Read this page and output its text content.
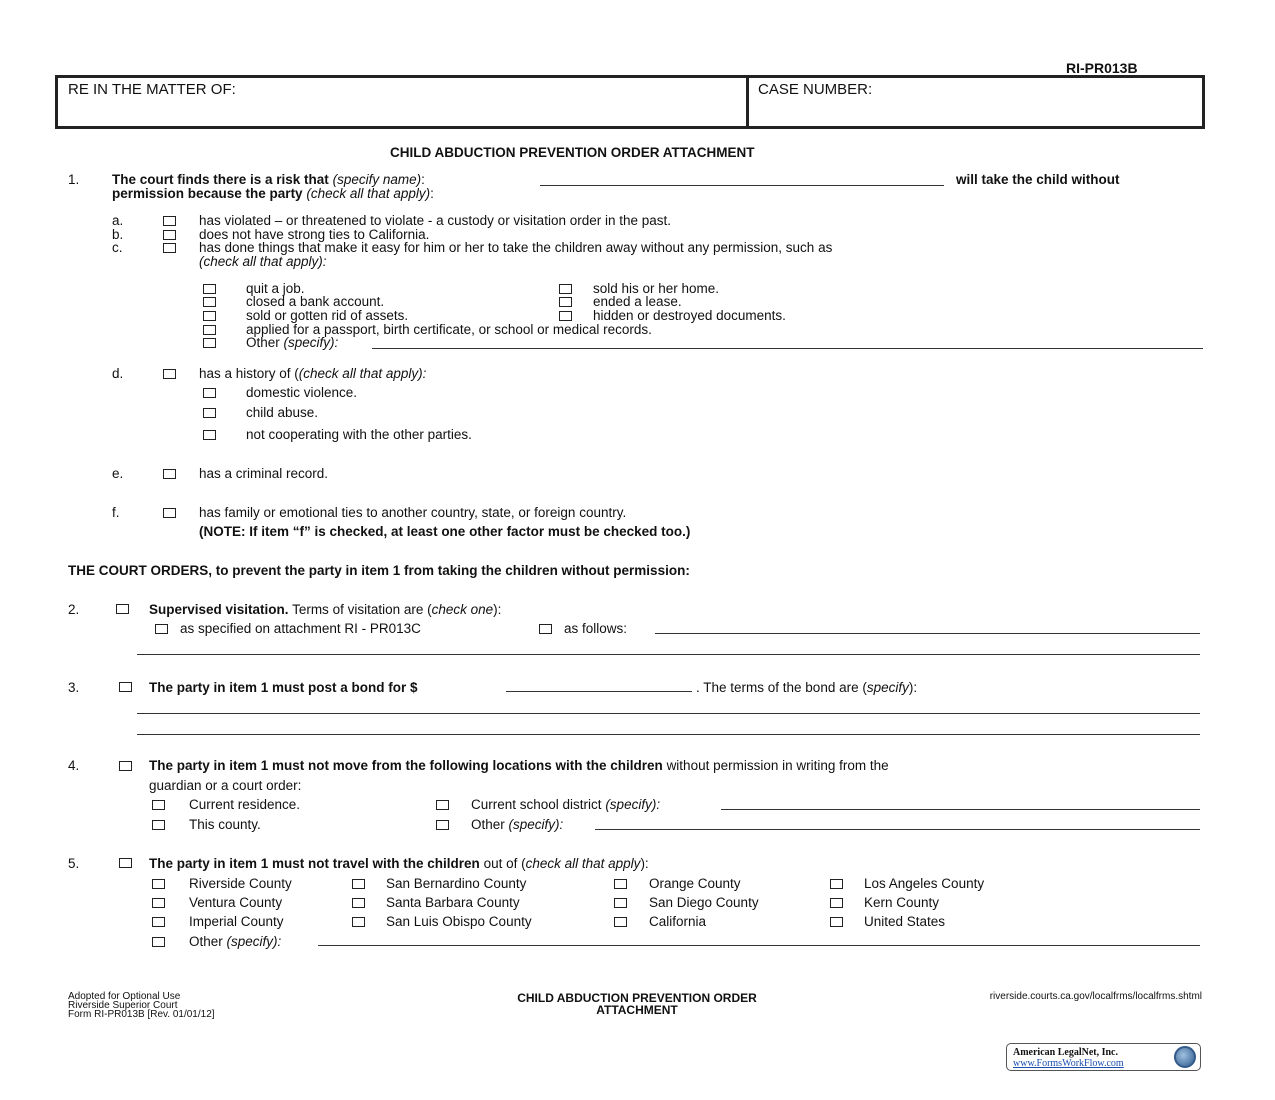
RI-PR013B
RE IN THE MATTER OF:	CASE NUMBER:
CHILD ABDUCTION PREVENTION ORDER ATTACHMENT
1. The court finds there is a risk that (specify name):	will take the child without
permission because the party (check all that apply):
a.	has violated – or threatened to violate - a custody or visitation order in the past.
b.	does not have strong ties to California.
c.	has done things that make it easy for him or her to take the children away without any permission, such as
(check all that apply):
quit a job.
closed a bank account.
sold or gotten rid of assets.
applied for a passport, birth certificate, or school or medical records.
Other (specify):
sold his or her home.
ended a lease.
hidden or destroyed documents.
d.	has a history of ((check all that apply):
domestic violence.
child abuse.
not cooperating with the other parties.
e.	has a criminal record.
f.	has family or emotional ties to another country, state, or foreign country.
(NOTE: If item “f” is checked, at least one other factor must be checked too.)
THE COURT ORDERS, to prevent the party in item 1 from taking the children without permission:
2.	Supervised visitation. Terms of visitation are (check one):
as specified on attachment RI - PR013C	as follows:
3.	The party in item 1 must post a bond for $	. The terms of the bond are (specify):
4.	The party in item 1 must not move from the following locations with the children without permission in writing from the
guardian or a court order:
Current residence.
This county.
Current school district (specify):
Other (specify):
5.	The party in item 1 must not travel with the children out of (check all that apply):
Riverside County
Ventura County
Imperial County
Other (specify):
San Bernardino County
Santa Barbara County
San Luis Obispo County
Orange County
San Diego County
California
Los Angeles County
Kern County
United States
Adopted for Optional Use
Riverside Superior Court
Form RI-PR013B [Rev. 01/01/12]
CHILD ABDUCTION PREVENTION ORDER
ATTACHMENT
riverside.courts.ca.gov/localfrms/localfrms.shtml
American LegalNet, Inc.
www.FormsWorkFlow.com
